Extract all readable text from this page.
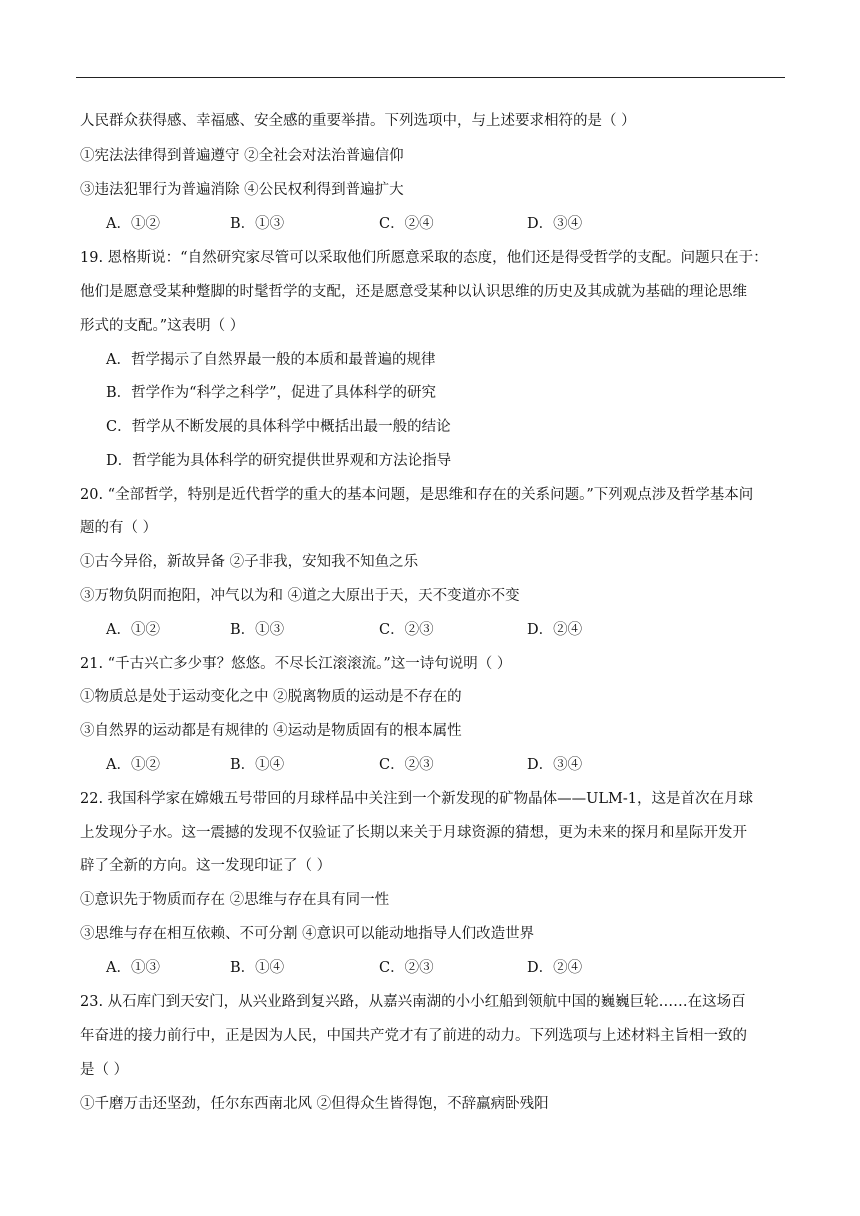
人民群众获得感、幸福感、安全感的重要举措。下列选项中，与上述要求相符的是（ ）
①宪法法律得到普遍遵守 ②全社会对法治普遍信仰
③违法犯罪行为普遍消除 ④公民权利得到普遍扩大
A．①②	B．①③	C．②④	D．③④
19. 恩格斯说：“自然研究家尽管可以采取他们所愿意采取的态度，他们还是得受哲学的支配。问题只在于：
他们是愿意受某种蹩脚的时髦哲学的支配，还是愿意受某种以认识思维的历史及其成就为基础的理论思维
形式的支配。”这表明（ ）
A．哲学揭示了自然界最一般的本质和最普遍的规律
B．哲学作为“科学之科学”，促进了具体科学的研究
C．哲学从不断发展的具体科学中概括出最一般的结论
D．哲学能为具体科学的研究提供世界观和方法论指导
20. “全部哲学，特别是近代哲学的重大的基本问题，是思维和存在的关系问题。”下列观点涉及哲学基本问
题的有（ ）
①古今异俗，新故异备 ②子非我，安知我不知鱼之乐
③万物负阴而抱阳，冲气以为和 ④道之大原出于天，天不变道亦不变
A．①②	B．①③	C．②③	D．②④
21. “千古兴亡多少事？悠悠。不尽长江滚滚流。”这一诗句说明（ ）
①物质总是处于运动变化之中 ②脱离物质的运动是不存在的
③自然界的运动都是有规律的 ④运动是物质固有的根本属性
A．①②	B．①④	C．②③	D．③④
22. 我国科学家在嫦娥五号带回的月球样品中关注到一个新发现的矿物晶体——ULM-1，这是首次在月球
上发现分子水。这一震撼的发现不仅验证了长期以来关于月球资源的猜想，更为未来的探月和星际开发开
辟了全新的方向。这一发现印证了（ ）
①意识先于物质而存在 ②思维与存在具有同一性
③思维与存在相互依赖、不可分割 ④意识可以能动地指导人们改造世界
A．①③	B．①④	C．②③	D．②④
23. 从石库门到天安门，从兴业路到复兴路，从嘉兴南湖的小小红船到领航中国的巍巍巨轮……在这场百
年奋进的接力前行中，正是因为人民，中国共产党才有了前进的动力。下列选项与上述材料主旨相一致的
是（ ）
①千磨万击还坚劲，任尔东西南北风 ②但得众生皆得饱，不辞羸病卧残阳
